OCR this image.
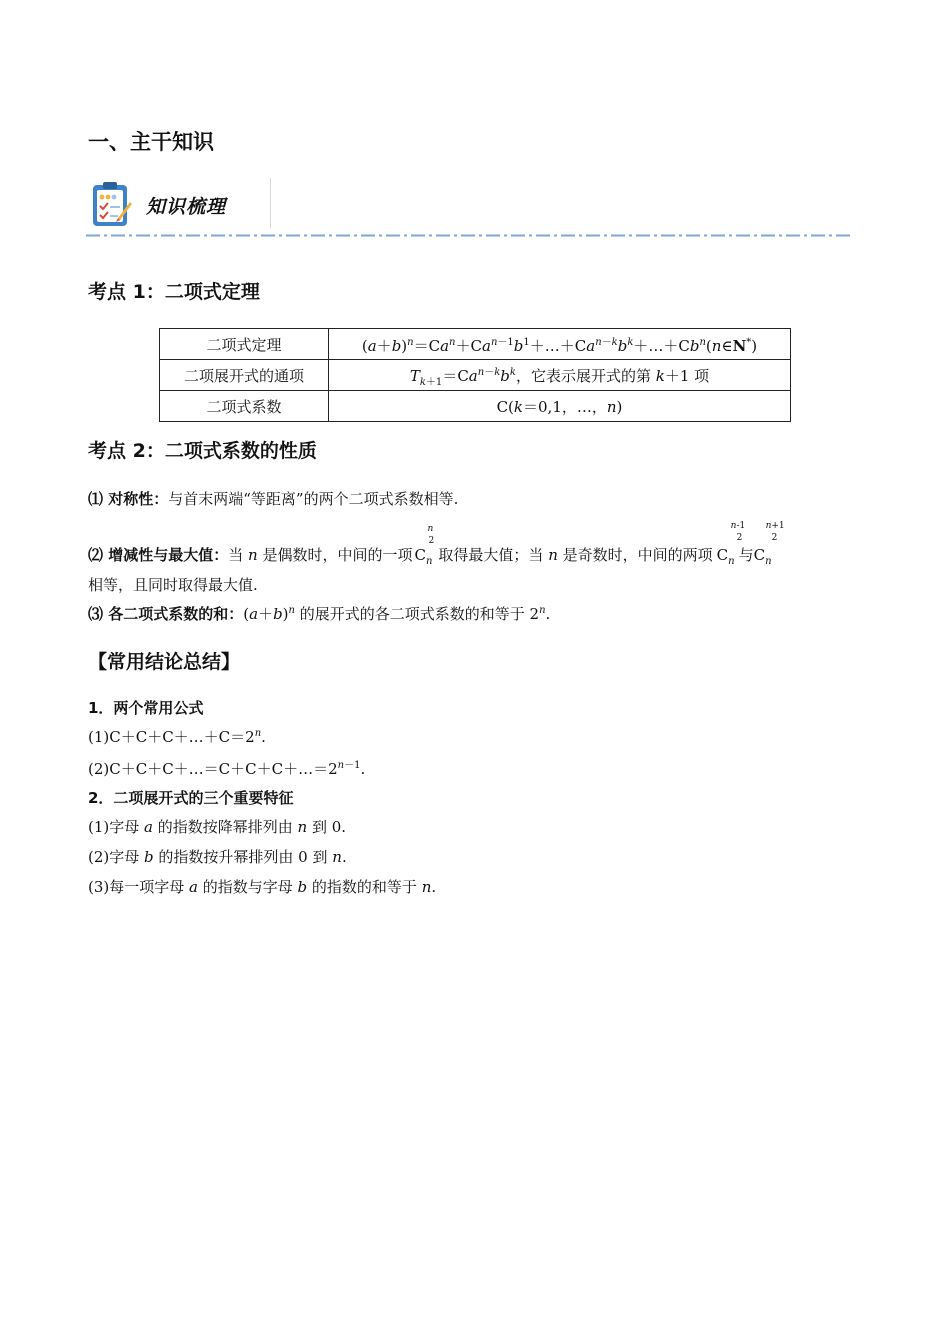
一、主干知识
知识梳理
考点 1：二项式定理
二项式定理	$(a+b)^n=Ca^n+Ca^{n-1}b^1+\dots+Ca^{n-k}b^k+\dots+Cb^n(n\in N^*)$
二项展开式的通项	$T_{k+1}=Ca^{n-k}b^k$，它表示展开式的第 k＋1 项
二项式系数	C(k＝0,1，…，n)
考点 2：二项式系数的性质
⑴ 对称性：与首末两端“等距离”的两个二项式系数相等.
⑵ 增减性与最大值：当 n 是偶数时，中间的一项
n
2
$C_n$ 取得最大值；当 n 是奇数时，中间的两项
n-1
2
$C_n$ 与
n+1
2
$C_n$
相等，且同时取得最大值.
⑶ 各二项式系数的和：$(a+b)^n$ 的展开式的各二项式系数的和等于 2$^n$.
【常用结论总结】
1．两个常用公式
$(1)C+C+C+\dots+C=2^n$.
$(2)C+C+C+\dots=C+C+C+\dots=2^{n-1}$.
2．二项展开式的三个重要特征
(1)字母 a 的指数按降幂排列由 n 到 0.
(2)字母 b 的指数按升幂排列由 0 到 n.
(3)每一项字母 a 的指数与字母 b 的指数的和等于 n.
